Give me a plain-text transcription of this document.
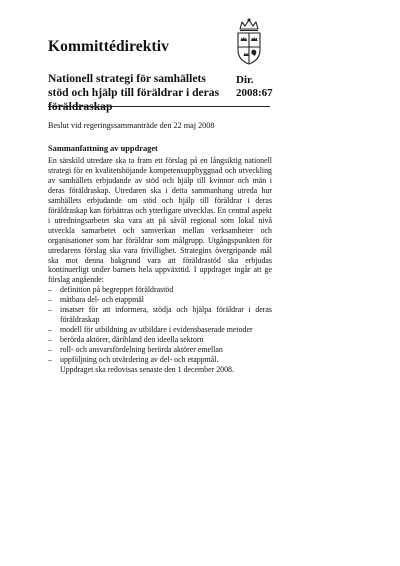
Kommittédirektiv
Nationell strategi för samhällets stöd och hjälp till föräldrar i deras föräldraskap
Dir.
2008:67

Beslut vid regeringssammanträde den 22 maj 2008

Sammanfattning av uppdraget

En särskild utredare ska ta fram ett förslag på en långsiktig nationell strategi för en kvalitetshöjande kompetensuppbyggnad och utveckling av samhällets erbjudande av stöd och hjälp till kvinnor och män i deras föräldraskap. Utredaren ska i detta sammanhang utreda hur samhällets erbjudande om stöd och hjälp till föräldrar i deras föräldraskap kan förbättras och ytterligare utvecklas. En central aspekt i utredningsarbetet ska vara att på såväl regional som lokal nivå utveckla samarbetet och samverkan mellan verksamheter och organisationer som har föräldrar som målgrupp. Utgångspunkten för utredarens förslag ska vara frivillighet. Strategins övergripande mål ska mot denna bakgrund vara att föräldrastöd ska erbjudas kontinuerligt under barnets hela uppväxttid. I uppdraget ingår att ge förslag angående:

– definition på begreppet föräldrastöd
– mätbara del- och etappmål
– insatser för att informera, stödja och hjälpa föräldrar i deras föräldraskap
– modell för utbildning av utbildare i evidensbaserade metoder
– berörda aktörer, däribland den ideella sektorn
– roll- och ansvarsfördelning berörda aktörer emellan
– uppföljning och utvärdering av del- och etappmål.

Uppdraget ska redovisas senaste den 1 december 2008.
